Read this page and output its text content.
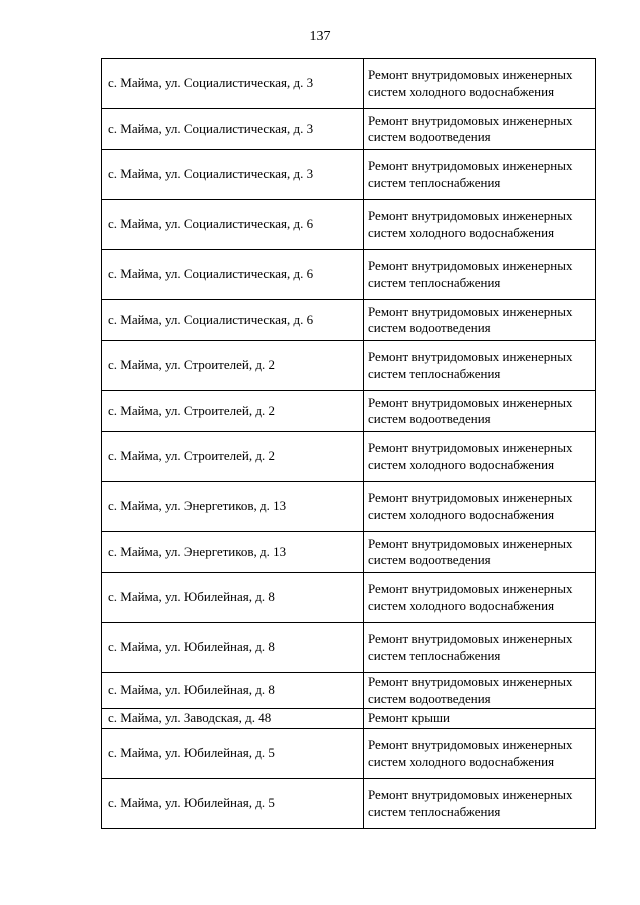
137
с. Майма, ул. Социалистическая, д. 3	Ремонт внутридомовых инженерных систем холодного водоснабжения
с. Майма, ул. Социалистическая, д. 3	Ремонт внутридомовых инженерных систем водоотведения
с. Майма, ул. Социалистическая, д. 3	Ремонт внутридомовых инженерных систем теплоснабжения
с. Майма, ул. Социалистическая, д. 6	Ремонт внутридомовых инженерных систем холодного водоснабжения
с. Майма, ул. Социалистическая, д. 6	Ремонт внутридомовых инженерных систем теплоснабжения
с. Майма, ул. Социалистическая, д. 6	Ремонт внутридомовых инженерных систем водоотведения
с. Майма, ул. Строителей, д. 2	Ремонт внутридомовых инженерных систем теплоснабжения
с. Майма, ул. Строителей, д. 2	Ремонт внутридомовых инженерных систем водоотведения
с. Майма, ул. Строителей, д. 2	Ремонт внутридомовых инженерных систем холодного водоснабжения
с. Майма, ул. Энергетиков, д. 13	Ремонт внутридомовых инженерных систем холодного водоснабжения
с. Майма, ул. Энергетиков, д. 13	Ремонт внутридомовых инженерных систем водоотведения
с. Майма, ул. Юбилейная, д. 8	Ремонт внутридомовых инженерных систем холодного водоснабжения
с. Майма, ул. Юбилейная, д. 8	Ремонт внутридомовых инженерных систем теплоснабжения
с. Майма, ул. Юбилейная, д. 8	Ремонт внутридомовых инженерных систем водоотведения
с. Майма, ул. Заводская, д. 48	Ремонт крыши
с. Майма, ул. Юбилейная, д. 5	Ремонт внутридомовых инженерных систем холодного водоснабжения
с. Майма, ул. Юбилейная, д. 5	Ремонт внутридомовых инженерных систем теплоснабжения
